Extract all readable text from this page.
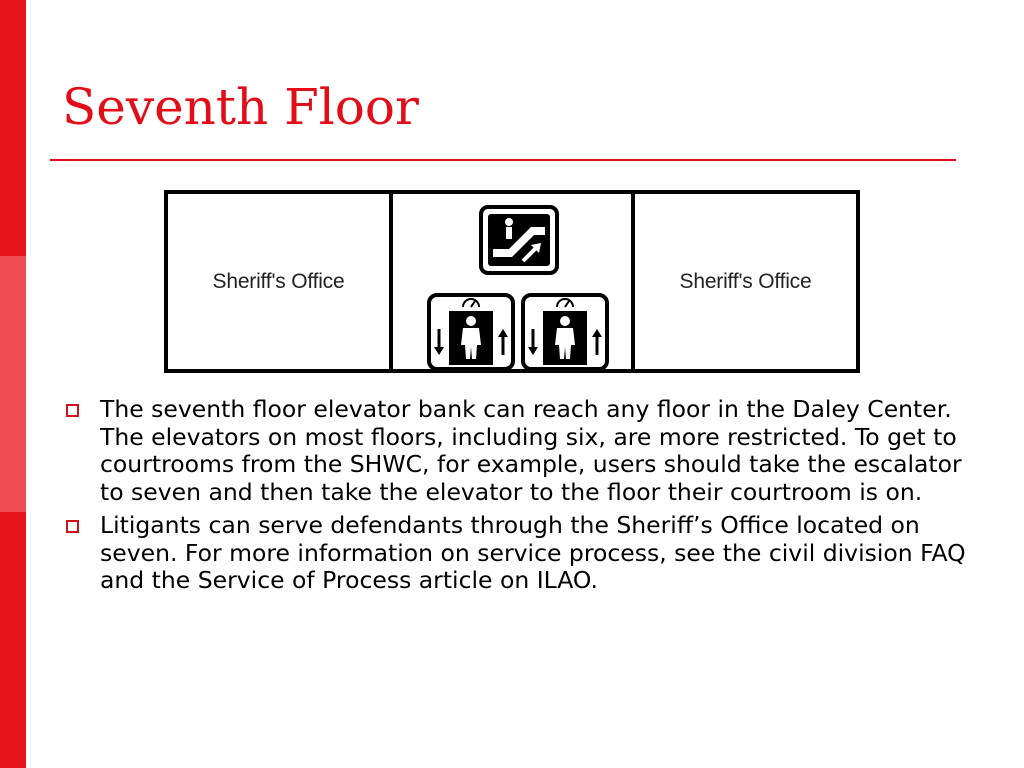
Seventh Floor
Sheriff's Office	Sheriff's Office
The seventh floor elevator bank can reach any floor in the Daley Center. The elevators on most floors, including six, are more restricted. To get to courtrooms from the SHWC, for example, users should take the escalator to seven and then take the elevator to the floor their courtroom is on.
Litigants can serve defendants through the Sheriff’s Office located on seven. For more information on service process, see the civil division FAQ and the Service of Process article on ILAO.
